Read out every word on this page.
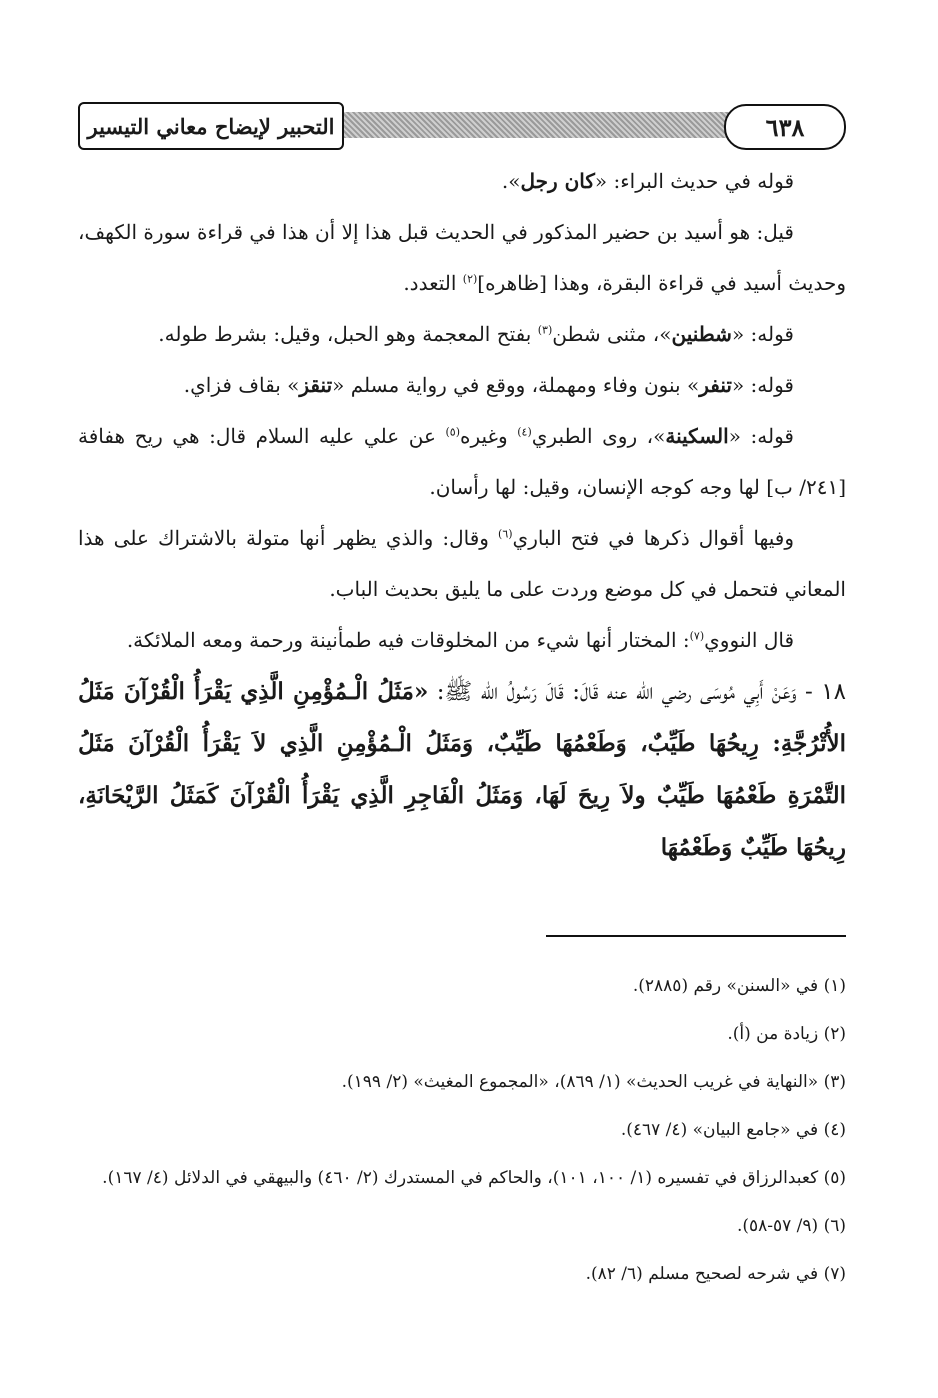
التحبير لإيضاح معاني التيسير	٦٣٨

قوله في حديث البراء: «كان رجل».

قيل: هو أسيد بن حضير المذكور في الحديث قبل هذا إلا أن هذا في قراءة سورة الكهف، وحديث أسيد في قراءة البقرة، وهذا [ظاهره]$^{(٢)}$ التعدد.

قوله: «شطنين»، مثنى شطن$^{(٣)}$ بفتح المعجمة وهو الحبل، وقيل: بشرط طوله.

قوله: «تنفر» بنون وفاء ومهملة، ووقع في رواية مسلم «تنقز» بقاف فزاي.

قوله: «السكينة»، روى الطبري$^{(٤)}$ وغيره$^{(٥)}$ عن علي عليه السلام قال: هي ريح هفافة [٢٤١/ ب] لها وجه كوجه الإنسان، وقيل: لها رأسان.

وفيها أقوال ذكرها في فتح الباري$^{(٦)}$ وقال: والذي يظهر أنها متولة بالاشتراك على هذا المعاني فتحمل في كل موضع وردت على ما يليق بحديث الباب.

قال النووي$^{(٧)}$: المختار أنها شيء من المخلوقات فيه طمأنينة ورحمة ومعه الملائكة.

١٨ - وَعَنْ أَبِي مُوسَى رضي الله عنه قَالَ: قَالَ رَسُولُ الله ﷺ: «مَثَلُ الْـمُؤْمِنِ الَّذِي يَقْرَأُ الْقُرْآنَ مَثَلُ الأُتْرُجَّةِ: رِيحُهَا طَيِّبٌ، وَطَعْمُهَا طَيِّبٌ، وَمَثَلُ الْـمُؤْمِنِ الَّذِي لاَ يَقْرَأُ الْقُرْآنَ مَثَلُ التَّمْرَةِ طَعْمُهَا طَيِّبٌ ولاَ رِيحَ لَهَا، وَمَثَلُ الْفَاجِرِ الَّذِي يَقْرَأُ الْقُرْآنَ كَمَثَلُ الرَّيْحَانَةِ، رِيحُهَا طَيِّبٌ وَطَعْمُهَا

(١) في «السنن» رقم (٢٨٨٥).

(٢) زيادة من (أ).

(٣) «النهاية في غريب الحديث» (١/ ٨٦٩)، «المجموع المغيث» (٢/ ١٩٩).

(٤) في «جامع البيان» (٤/ ٤٦٧).

(٥) كعبدالرزاق في تفسيره (١/ ١٠٠، ١٠١)، والحاكم في المستدرك (٢/ ٤٦٠) والبيهقي في الدلائل (٤/ ١٦٧).

(٦) (٩/ ٥٧-٥٨).

(٧) في شرحه لصحيح مسلم (٦/ ٨٢).
